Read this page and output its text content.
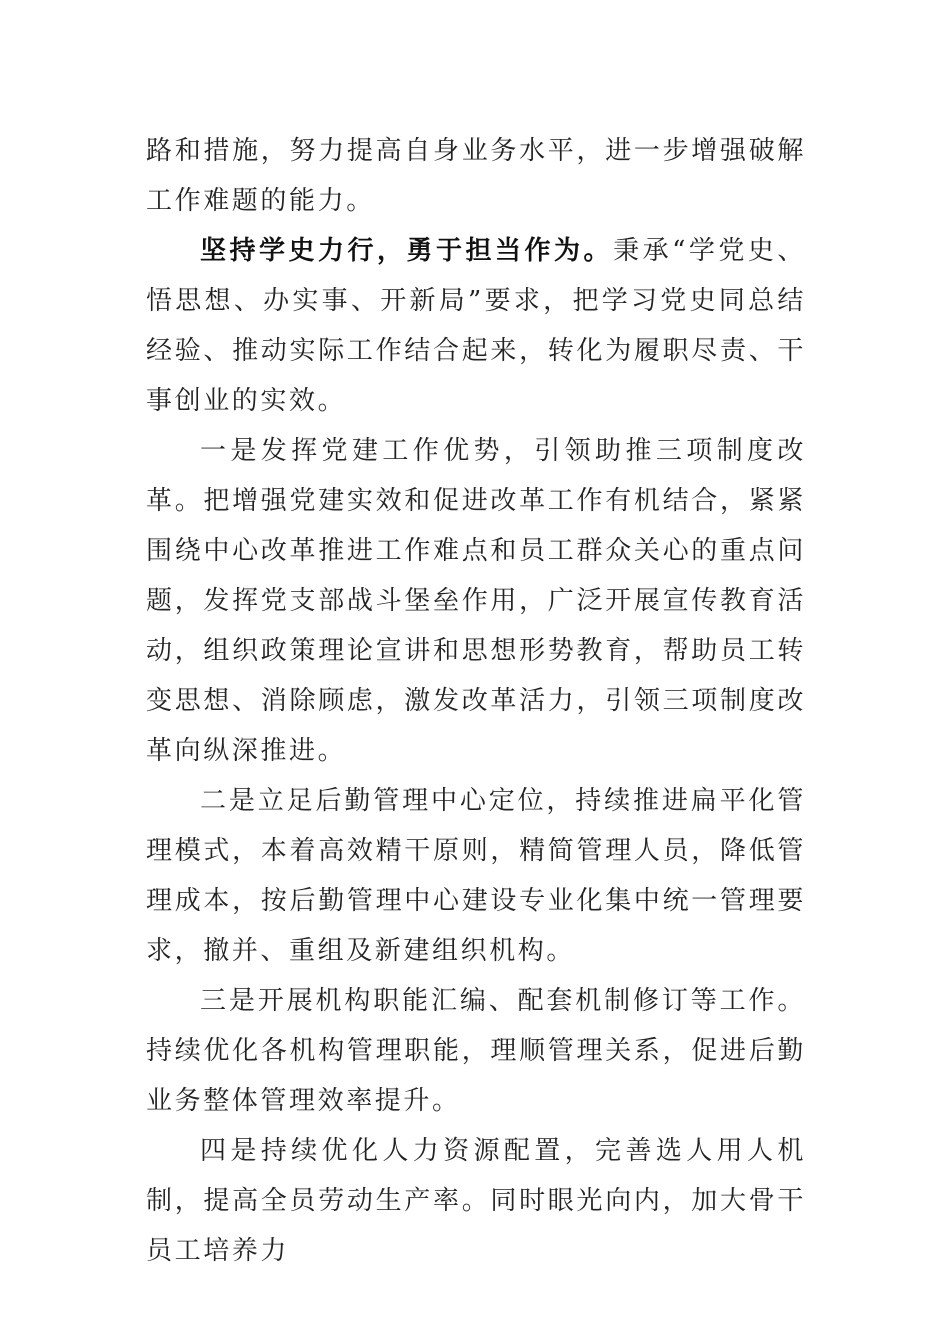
路和措施，努力提高自身业务水平，进一步增强破解工作难题的能力。

坚持学史力行，勇于担当作为。秉承“学党史、悟思想、办实事、开新局”要求，把学习党史同总结经验、推动实际工作结合起来，转化为履职尽责、干事创业的实效。

一是发挥党建工作优势，引领助推三项制度改革。把增强党建实效和促进改革工作有机结合，紧紧围绕中心改革推进工作难点和员工群众关心的重点问题，发挥党支部战斗堡垒作用，广泛开展宣传教育活动，组织政策理论宣讲和思想形势教育，帮助员工转变思想、消除顾虑，激发改革活力，引领三项制度改革向纵深推进。

二是立足后勤管理中心定位，持续推进扁平化管理模式，本着高效精干原则，精简管理人员，降低管理成本，按后勤管理中心建设专业化集中统一管理要求，撤并、重组及新建组织机构。

三是开展机构职能汇编、配套机制修订等工作。持续优化各机构管理职能，理顺管理关系，促进后勤业务整体管理效率提升。

四是持续优化人力资源配置，完善选人用人机制，提高全员劳动生产率。同时眼光向内，加大骨干员工培养力
